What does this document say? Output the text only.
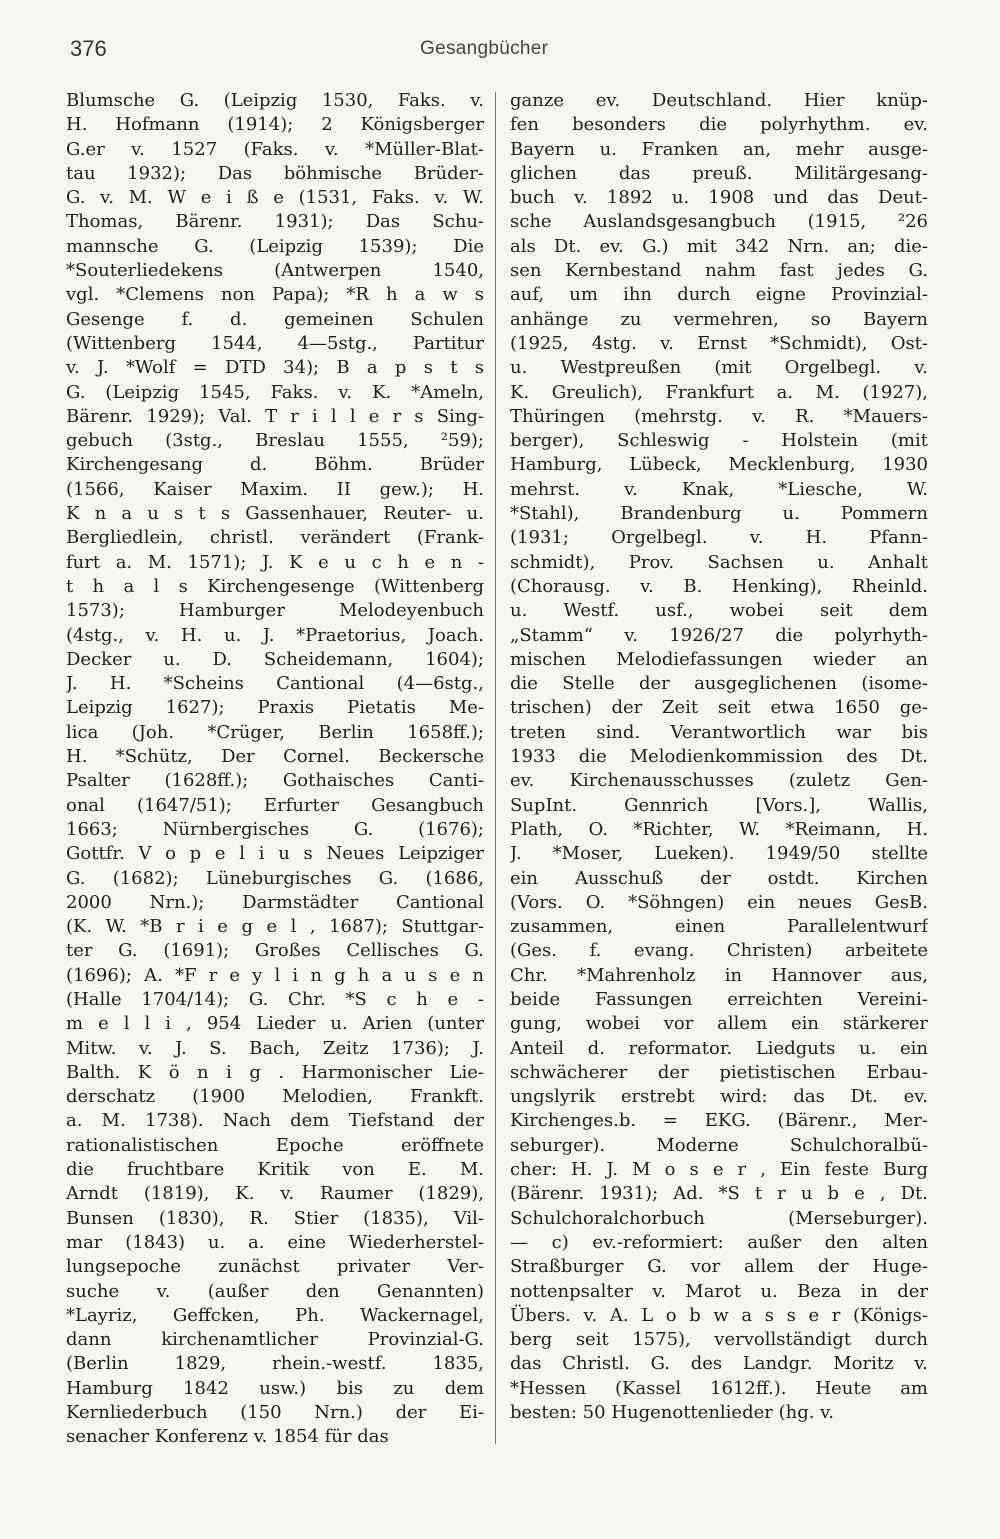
376	Gesangbücher
Blumsche G. (Leipzig 1530, Faks. v.
H. Hofmann (1914); 2 Königsberger
G.er v. 1527 (Faks. v. *Müller-Blat-
tau 1932); Das böhmische Brüder-
G. v. M. W e i ß e (1531, Faks. v. W.
Thomas, Bärenr. 1931); Das Schu-
mannsche G. (Leipzig 1539); Die
*Souterliedekens (Antwerpen 1540,
vgl. *Clemens non Papa); *R h a w s
Gesenge f. d. gemeinen Schulen
(Wittenberg 1544, 4—5stg., Partitur
v. J. *Wolf = DTD 34); B a p s t s
G. (Leipzig 1545, Faks. v. K. *Ameln,
Bärenr. 1929); Val. T r i l l e r s Sing-
gebuch (3stg., Breslau 1555, ²59);
Kirchengesang d. Böhm. Brüder
(1566, Kaiser Maxim. II gew.); H.
K n a u s t s Gassenhauer, Reuter- u.
Bergliedlein, christl. verändert (Frank-
furt a. M. 1571); J. K e u c h e n -
t h a l s Kirchengesenge (Wittenberg
1573); Hamburger Melodeyenbuch
(4stg., v. H. u. J. *Praetorius, Joach.
Decker u. D. Scheidemann, 1604);
J. H. *Scheins Cantional (4—6stg.,
Leipzig 1627); Praxis Pietatis Me-
lica (Joh. *Crüger, Berlin 1658ff.);
H. *Schütz, Der Cornel. Beckersche
Psalter (1628ff.); Gothaisches Canti-
onal (1647/51); Erfurter Gesangbuch
1663; Nürnbergisches G. (1676);
Gottfr. V o p e l i u s Neues Leipziger
G. (1682); Lüneburgisches G. (1686,
2000 Nrn.); Darmstädter Cantional
(K. W. *B r i e g e l , 1687); Stuttgar-
ter G. (1691); Großes Cellisches G.
(1696); A. *F r e y l i n g h a u s e n
(Halle 1704/14); G. Chr. *S c h e -
m e l l i , 954 Lieder u. Arien (unter
Mitw. v. J. S. Bach, Zeitz 1736); J.
Balth. K ö n i g . Harmonischer Lie-
derschatz (1900 Melodien, Frankft.
a. M. 1738). Nach dem Tiefstand der
rationalistischen Epoche eröffnete
die fruchtbare Kritik von E. M.
Arndt (1819), K. v. Raumer (1829),
Bunsen (1830), R. Stier (1835), Vil-
mar (1843) u. a. eine Wiederherstel-
lungsepoche zunächst privater Ver-
suche v. (außer den Genannten)
*Layriz, Geffcken, Ph. Wackernagel,
dann kirchenamtlicher Provinzial-G.
(Berlin 1829, rhein.-westf. 1835,
Hamburg 1842 usw.) bis zu dem
Kernliederbuch (150 Nrn.) der Ei-
senacher Konferenz v. 1854 für das
ganze ev. Deutschland. Hier knüp-
fen besonders die polyrhythm. ev.
Bayern u. Franken an, mehr ausge-
glichen das preuß. Militärgesang-
buch v. 1892 u. 1908 und das Deut-
sche Auslandsgesangbuch (1915, ²26
als Dt. ev. G.) mit 342 Nrn. an; die-
sen Kernbestand nahm fast jedes G.
auf, um ihn durch eigne Provinzial-
anhänge zu vermehren, so Bayern
(1925, 4stg. v. Ernst *Schmidt), Ost-
u. Westpreußen (mit Orgelbegl. v.
K. Greulich), Frankfurt a. M. (1927),
Thüringen (mehrstg. v. R. *Mauers-
berger), Schleswig - Holstein (mit
Hamburg, Lübeck, Mecklenburg, 1930
mehrst. v. Knak, *Liesche, W.
*Stahl), Brandenburg u. Pommern
(1931; Orgelbegl. v. H. Pfann-
schmidt), Prov. Sachsen u. Anhalt
(Chorausg. v. B. Henking), Rheinld.
u. Westf. usf., wobei seit dem
„Stamm“ v. 1926/27 die polyrhyth-
mischen Melodiefassungen wieder an
die Stelle der ausgeglichenen (isome-
trischen) der Zeit seit etwa 1650 ge-
treten sind. Verantwortlich war bis
1933 die Melodienkommission des Dt.
ev. Kirchenausschusses (zuletz Gen-
SupInt. Gennrich [Vors.], Wallis,
Plath, O. *Richter, W. *Reimann, H.
J. *Moser, Lueken). 1949/50 stellte
ein Ausschuß der ostdt. Kirchen
(Vors. O. *Söhngen) ein neues GesB.
zusammen, einen Parallelentwurf
(Ges. f. evang. Christen) arbeitete
Chr. *Mahrenholz in Hannover aus,
beide Fassungen erreichten Vereini-
gung, wobei vor allem ein stärkerer
Anteil d. reformator. Liedguts u. ein
schwächerer der pietistischen Erbau-
ungslyrik erstrebt wird: das Dt. ev.
Kirchenges.b. = EKG. (Bärenr., Mer-
seburger). Moderne Schulchoralbü-
cher: H. J. M o s e r , Ein feste Burg
(Bärenr. 1931); Ad. *S t r u b e , Dt.
Schulchoralchorbuch (Merseburger).
— c) ev.-reformiert: außer den alten
Straßburger G. vor allem der Huge-
nottenpsalter v. Marot u. Beza in der
Übers. v. A. L o b w a s s e r (Königs-
berg seit 1575), vervollständigt durch
das Christl. G. des Landgr. Moritz v.
*Hessen (Kassel 1612ff.). Heute am
besten: 50 Hugenottenlieder (hg. v.
